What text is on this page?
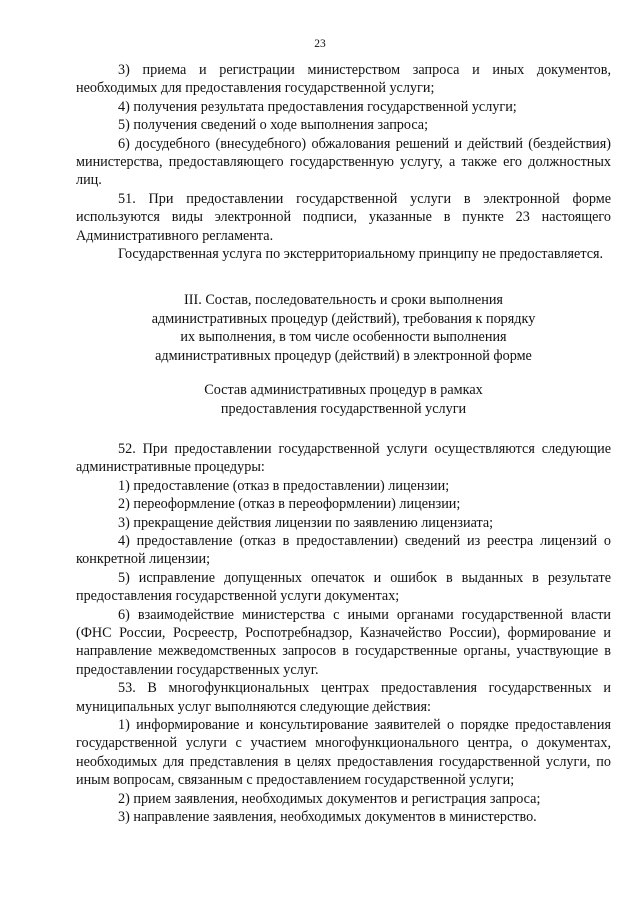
23

3) приема и регистрации министерством запроса и иных документов, необходимых для предоставления государственной услуги;

4) получения результата предоставления государственной услуги;

5) получения сведений о ходе выполнения запроса;

6) досудебного (внесудебного) обжалования решений и действий (бездействия) министерства, предоставляющего государственную услугу, а также его должностных лиц.

51. При предоставлении государственной услуги в электронной форме используются виды электронной подписи, указанные в пункте 23 настоящего Административного регламента.

Государственная услуга по экстерриториальному принципу не предоставляется.

III. Состав, последовательность и сроки выполнения
административных процедур (действий), требования к порядку
их выполнения, в том числе особенности выполнения
административных процедур (действий) в электронной форме
Состав административных процедур в рамках
предоставления государственной услуги

52. При предоставлении государственной услуги осуществляются следующие административные процедуры:

1) предоставление (отказ в предоставлении) лицензии;

2) переоформление (отказ в переоформлении) лицензии;

3) прекращение действия лицензии по заявлению лицензиата;

4) предоставление (отказ в предоставлении) сведений из реестра лицензий о конкретной лицензии;

5) исправление допущенных опечаток и ошибок в выданных в результате предоставления государственной услуги документах;

6) взаимодействие министерства с иными органами государственной власти (ФНС России, Росреестр, Роспотребнадзор, Казначейство России), формирование и направление межведомственных запросов в государственные органы, участвующие в предоставлении государственных услуг.

53. В многофункциональных центрах предоставления государственных и муниципальных услуг выполняются следующие действия:

1) информирование и консультирование заявителей о порядке предоставления государственной услуги с участием многофункционального центра, о документах, необходимых для представления в целях предоставления государственной услуги, по иным вопросам, связанным с предоставлением государственной услуги;

2) прием заявления, необходимых документов и регистрация запроса;

3) направление заявления, необходимых документов в министерство.
